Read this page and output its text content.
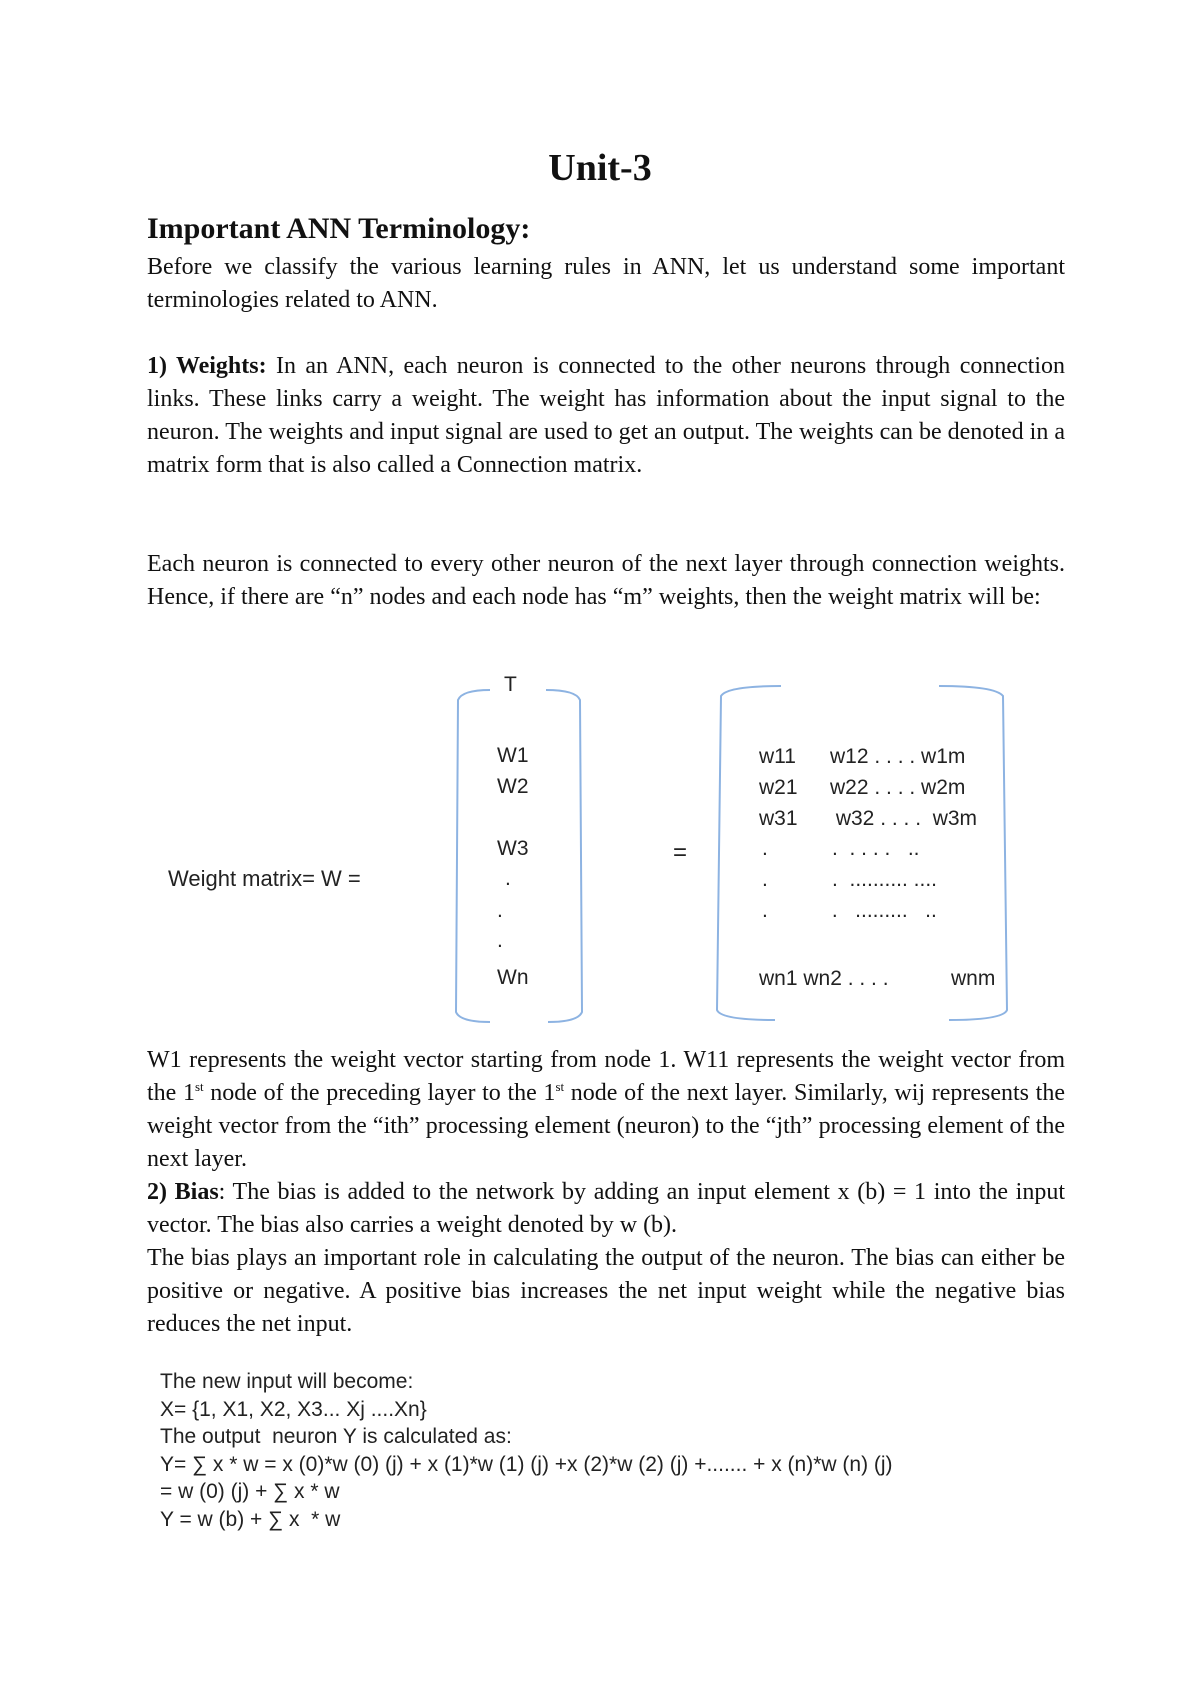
Unit-3
Important ANN Terminology:

Before we classify the various learning rules in ANN, let us understand some important terminologies related to ANN.

1) Weights: In an ANN, each neuron is connected to the other neurons through connection links. These links carry a weight. The weight has information about the input signal to the neuron. The weights and input signal are used to get an output. The weights can be denoted in a matrix form that is also called a Connection matrix.

Each neuron is connected to every other neuron of the next layer through connection weights. Hence, if there are “n” nodes and each node has “m” weights, then the weight matrix will be:

Weight matrix= W =
T
W1
W2
W3
.
.
.
Wn
=
w11 w12 . . . . w1m
w21 w22 . . . . w2m
w31 w32 . . . .  w3m
.	.  . . . .   ..
.	.  .......... ....
.	.   .........   ..
wn1 wn2 . . . .	wnm

W1 represents the weight vector starting from node 1. W11 represents the weight vector from the 1st node of the preceding layer to the 1st node of the next layer. Similarly, wij represents the weight vector from the “ith” processing element (neuron) to the “jth” processing element of the next layer.

2) Bias: The bias is added to the network by adding an input element x (b) = 1 into the input vector. The bias also carries a weight denoted by w (b).

The bias plays an important role in calculating the output of the neuron. The bias can either be positive or negative. A positive bias increases the net input weight while the negative bias reduces the net input.

The new input will become:
X= {1, X1, X2, X3... Xj ....Xn}
The output  neuron Y is calculated as:
Y= ∑ x * w = x (0)*w (0) (j) + x (1)*w (1) (j) +x (2)*w (2) (j) +....... + x (n)*w (n) (j)
= w (0) (j) + ∑ x * w
Y = w (b) + ∑ x  * w
